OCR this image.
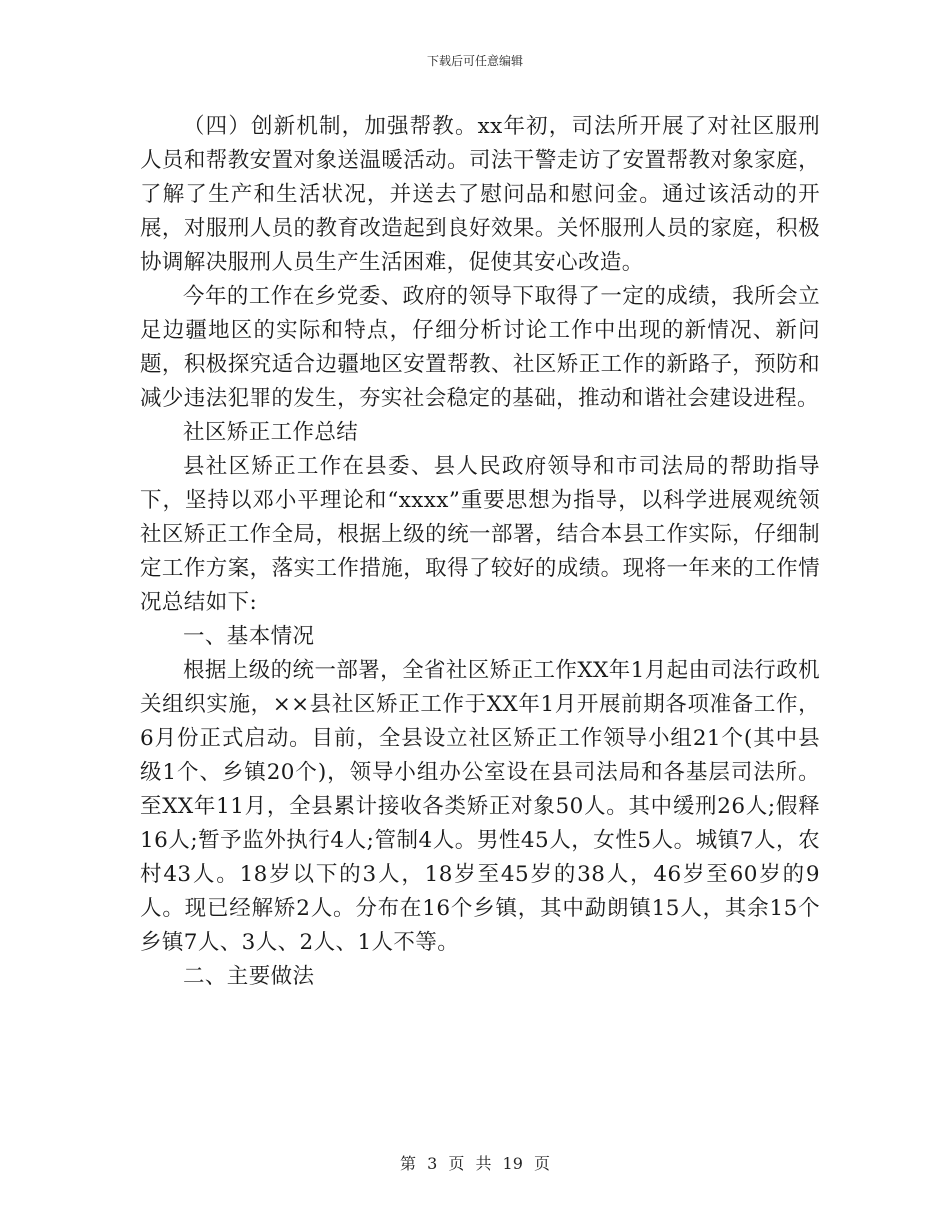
下载后可任意编辑

（四）创新机制，加强帮教。xx年初，司法所开展了对社区服刑人员和帮教安置对象送温暖活动。司法干警走访了安置帮教对象家庭，了解了生产和生活状况，并送去了慰问品和慰问金。通过该活动的开展，对服刑人员的教育改造起到良好效果。关怀服刑人员的家庭，积极协调解决服刑人员生产生活困难，促使其安心改造。

今年的工作在乡党委、政府的领导下取得了一定的成绩，我所会立足边疆地区的实际和特点，仔细分析讨论工作中出现的新情况、新问题，积极探究适合边疆地区安置帮教、社区矫正工作的新路子，预防和减少违法犯罪的发生，夯实社会稳定的基础，推动和谐社会建设进程。

社区矫正工作总结

县社区矫正工作在县委、县人民政府领导和市司法局的帮助指导下，坚持以邓小平理论和“xxxx”重要思想为指导，以科学进展观统领社区矫正工作全局，根据上级的统一部署，结合本县工作实际，仔细制定工作方案，落实工作措施，取得了较好的成绩。现将一年来的工作情况总结如下:

一、基本情况

根据上级的统一部署，全省社区矫正工作XX年1月起由司法行政机关组织实施，××县社区矫正工作于XX年1月开展前期各项准备工作，6月份正式启动。目前，全县设立社区矫正工作领导小组21个(其中县级1个、乡镇20个)，领导小组办公室设在县司法局和各基层司法所。至XX年11月，全县累计接收各类矫正对象50人。其中缓刑26人;假释16人;暂予监外执行4人;管制4人。男性45人，女性5人。城镇7人，农村43人。18岁以下的3人，18岁至45岁的38人，46岁至60岁的9人。现已经解矫2人。分布在16个乡镇，其中勐朗镇15人，其余15个乡镇7人、3人、2人、1人不等。

二、主要做法

第 3 页 共 19 页
